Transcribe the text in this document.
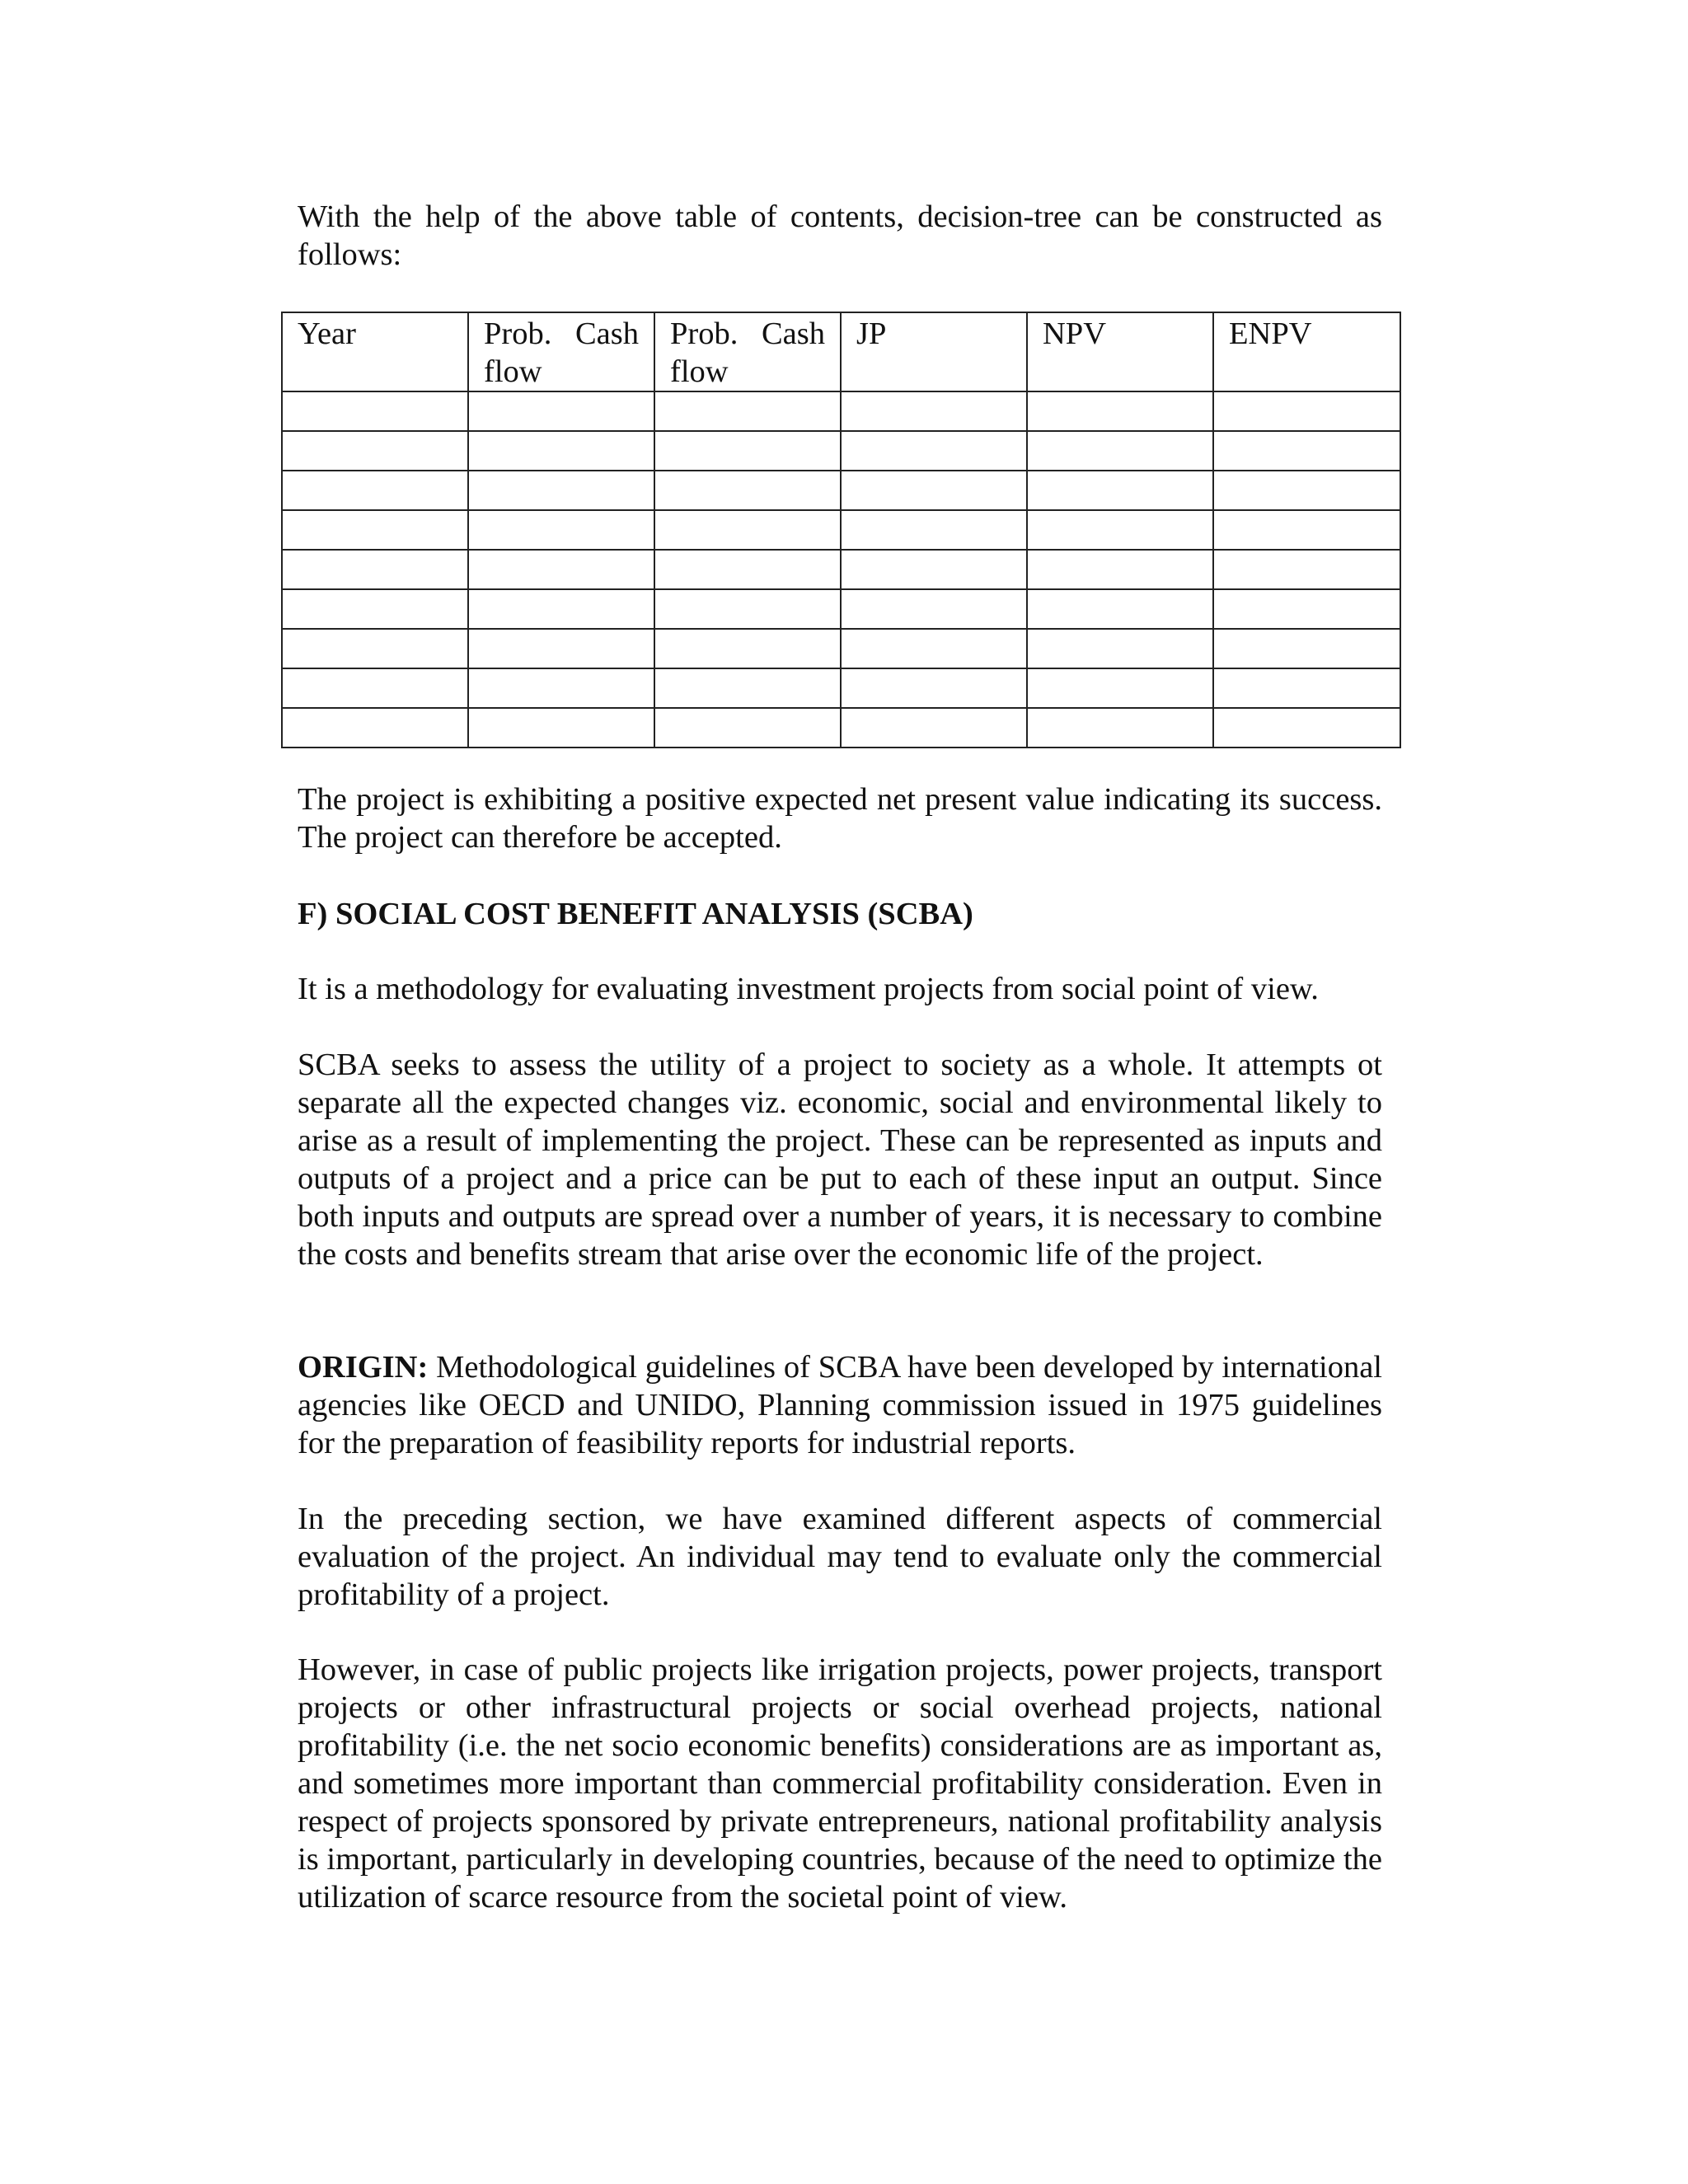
With the help of the above table of contents, decision-tree can be constructed as follows:

Year	Prob. Cash flow	Prob. Cash flow	JP	NPV	ENPV

The project is exhibiting a positive expected net present value indicating its success. The project can therefore be accepted.

F) SOCIAL COST BENEFIT ANALYSIS (SCBA)

It is a methodology for evaluating investment projects from social point of view.

SCBA seeks to assess the utility of a project to society as a whole. It attempts ot separate all the expected changes viz. economic, social and environmental likely to arise as a result of implementing the project. These can be represented as inputs and outputs of a project and a price can be put to each of these input an output. Since both inputs and outputs are spread over a number of years, it is necessary to combine the costs and benefits stream that arise over the economic life of the project.

ORIGIN: Methodological guidelines of SCBA have been developed by international agencies like OECD and UNIDO, Planning commission issued in 1975 guidelines for the preparation of feasibility reports for industrial reports.

In the preceding section, we have examined different aspects of commercial evaluation of the project. An individual may tend to evaluate only the commercial profitability of a project.

However, in case of public projects like irrigation projects, power projects, transport projects or other infrastructural projects or social overhead projects, national profitability (i.e. the net socio economic benefits) considerations are as important as, and sometimes more important than commercial profitability consideration. Even in respect of projects sponsored by private entrepreneurs, national profitability analysis is important, particularly in developing countries, because of the need to optimize the utilization of scarce resource from the societal point of view.
